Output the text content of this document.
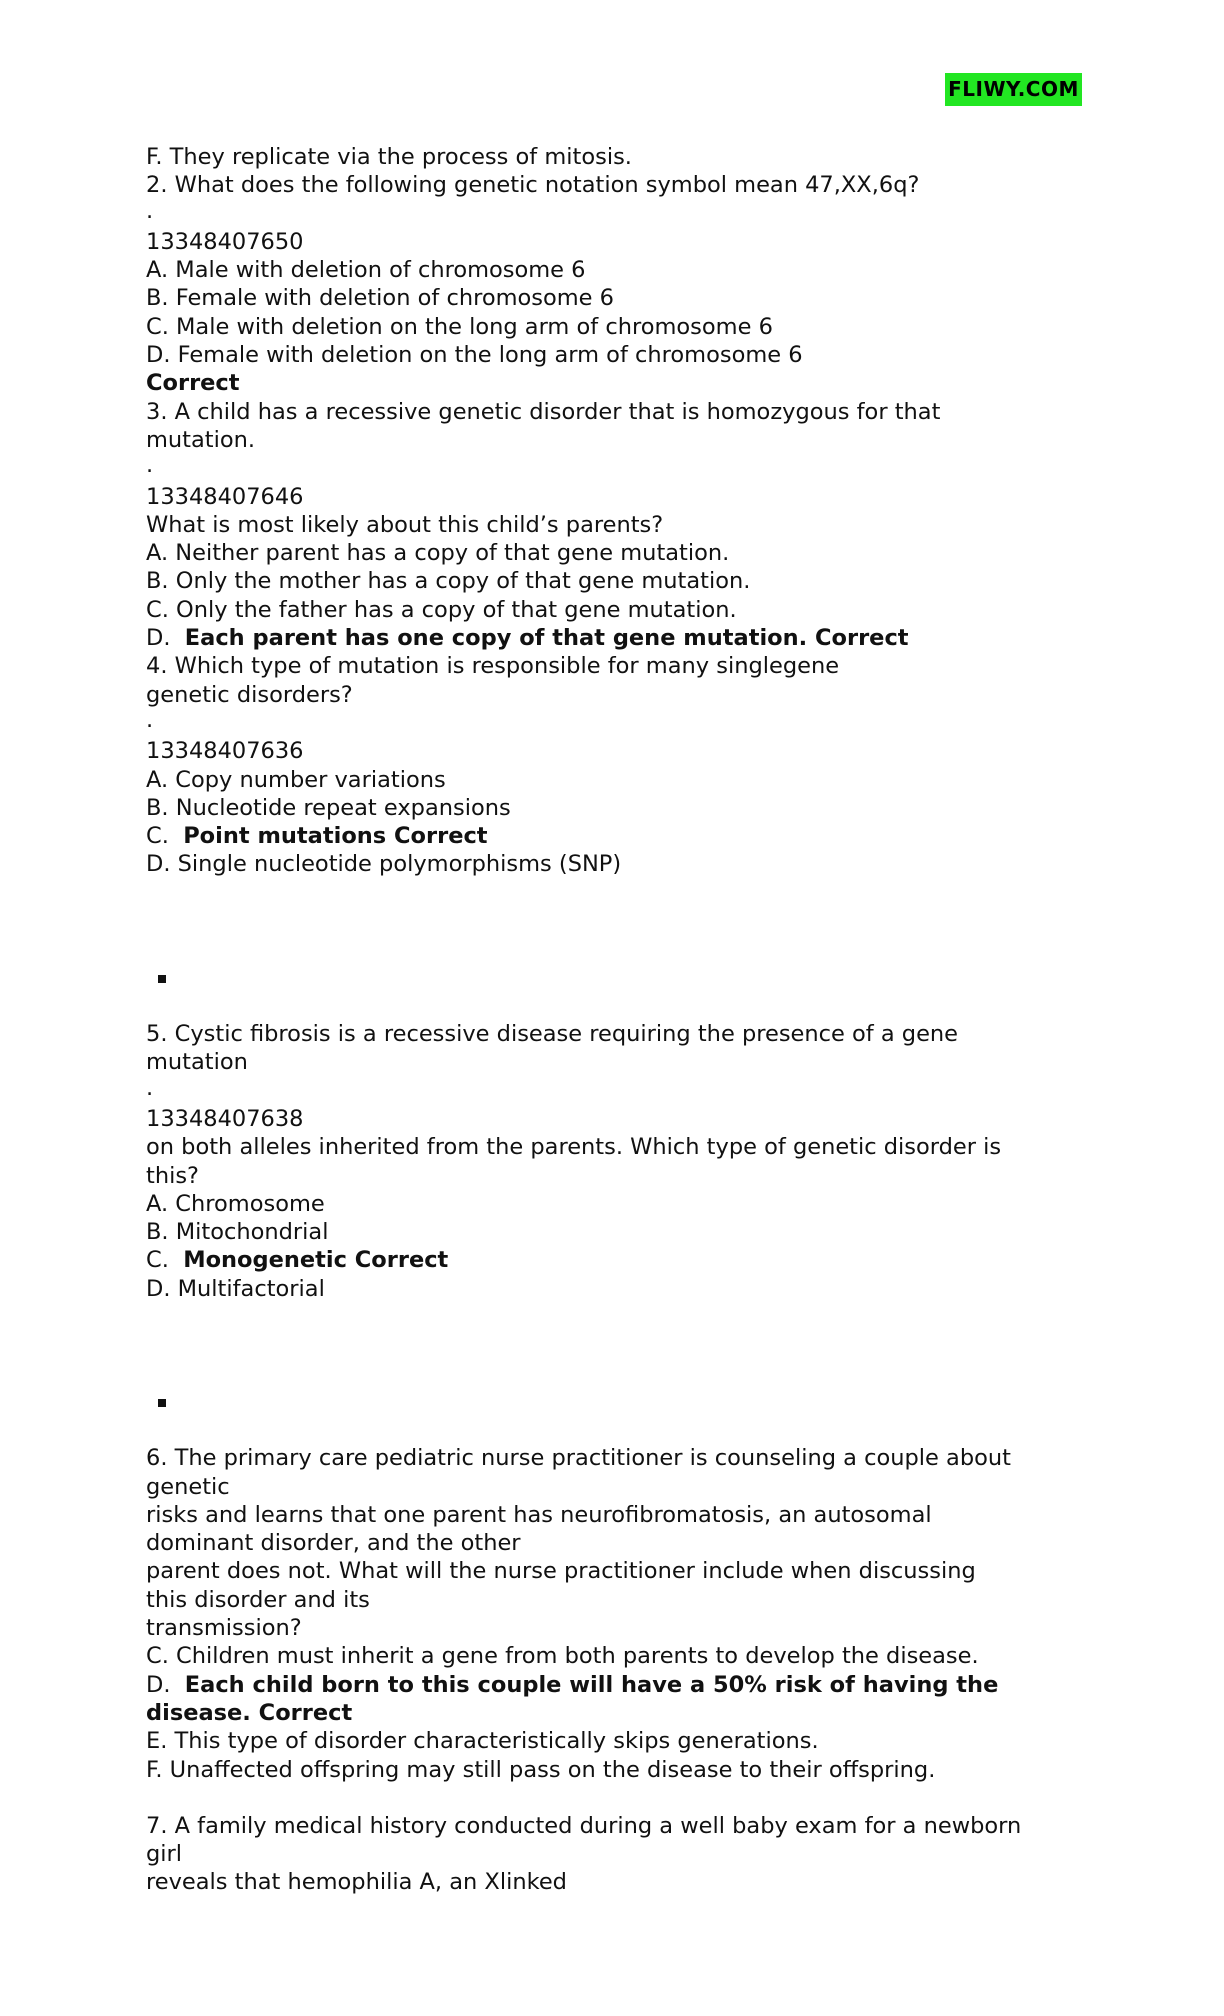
FLIWY.COM
F. They replicate via the process of mitosis.
2. What does the following genetic notation symbol mean 47,XX,6q?
.
13348407650
A. Male with deletion of chromosome 6
B. Female with deletion of chromosome 6
C. Male with deletion on the long arm of chromosome 6
D. Female with deletion on the long arm of chromosome 6
Correct
3. A child has a recessive genetic disorder that is homozygous for that
mutation.
.
13348407646
What is most likely about this child’s parents?
A. Neither parent has a copy of that gene mutation.
B. Only the mother has a copy of that gene mutation.
C. Only the father has a copy of that gene mutation.
D. Each parent has one copy of that gene mutation. Correct
4. Which type of mutation is responsible for many singlegene
genetic disorders?
.
13348407636
A. Copy number variations
B. Nucleotide repeat expansions
C. Point mutations Correct
D. Single nucleotide polymorphisms (SNP)
5. Cystic fibrosis is a recessive disease requiring the presence of a gene
mutation
.
13348407638
on both alleles inherited from the parents. Which type of genetic disorder is
this?
A. Chromosome
B. Mitochondrial
C. Monogenetic Correct
D. Multifactorial
6. The primary care pediatric nurse practitioner is counseling a couple about
genetic
risks and learns that one parent has neurofibromatosis, an autosomal
dominant disorder, and the other
parent does not. What will the nurse practitioner include when discussing
this disorder and its
transmission?
C. Children must inherit a gene from both parents to develop the disease.
D. Each child born to this couple will have a 50% risk of having the
disease. Correct
E. This type of disorder characteristically skips generations.
F. Unaffected offspring may still pass on the disease to their offspring.
7. A family medical history conducted during a well baby exam for a newborn
girl
reveals that hemophilia A, an Xlinked
